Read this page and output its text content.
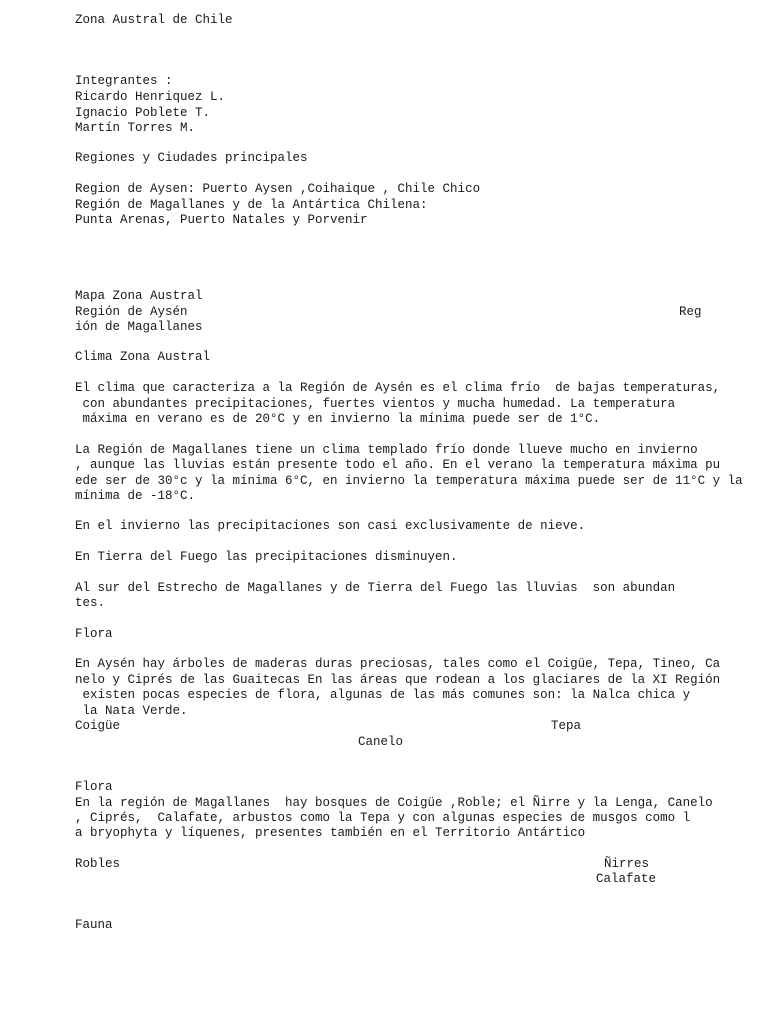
Zona Austral de Chile
Integrantes :
Ricardo Henriquez L.
Ignacio Poblete T.
Martín Torres M.
Regiones y Ciudades principales
Region de Aysen: Puerto Aysen ,Coihaique , Chile Chico
Región de Magallanes y de la Antártica Chilena:
Punta Arenas, Puerto Natales y Porvenir
Mapa Zona Austral
Región de Aysén	Reg
ión de Magallanes
Clima Zona Austral
El clima que caracteriza a la Región de Aysén es el clima frío  de bajas temperaturas,
con abundantes precipitaciones, fuertes vientos y mucha humedad. La temperatura
máxima en verano es de 20°C y en invierno la mínima puede ser de 1°C.
La Región de Magallanes tiene un clima templado frío donde llueve mucho en invierno
, aunque las lluvias están presente todo el año. En el verano la temperatura máxima pu
ede ser de 30°c y la mínima 6°C, en invierno la temperatura máxima puede ser de 11°C y la
mínima de -18°C.
En el invierno las precipitaciones son casi exclusivamente de nieve.
En Tierra del Fuego las precipitaciones disminuyen.
Al sur del Estrecho de Magallanes y de Tierra del Fuego las lluvias  son abundan
tes.
Flora
En Aysén hay árboles de maderas duras preciosas, tales como el Coigüe, Tepa, Tineo, Ca
nelo y Ciprés de las Guaitecas En las áreas que rodean a los glaciares de la XI Región
existen pocas especies de flora, algunas de las más comunes son: la Nalca chica y
la Nata Verde.
Coigüe	Tepa
Canelo
Flora
En la región de Magallanes  hay bosques de Coigüe ,Roble; el Ñirre y la Lenga, Canelo
, Ciprés,  Calafate, arbustos como la Tepa y con algunas especies de musgos como l
a bryophyta y líquenes, presentes también en el Territorio Antártico
Robles	Ñirres
Calafate
Fauna
